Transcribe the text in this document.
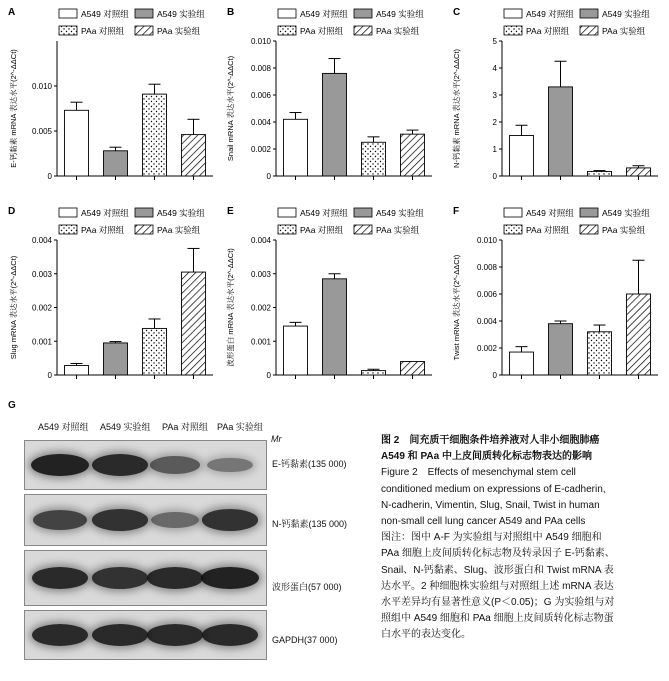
A	A549 对照组	A549 实验组
PAa 对照组	PAa 实验组
0
0.005
0.010
E-钙黏素 mRNA 表达水平(2^-ΔΔCt)
B	A549 对照组	A549 实验组
PAa 对照组	PAa 实验组
0
0.002
0.004
0.006
0.008
0.010
Snail mRNA 表达水平(2^-ΔΔCt)
C	A549 对照组	A549 实验组
PAa 对照组	PAa 实验组
0
1
2
3
4
5
N-钙黏素 mRNA 表达水平(2^-ΔΔCt)
D	A549 对照组	A549 实验组
PAa 对照组	PAa 实验组
0
0.001
0.002
0.003
0.004
Slug mRNA 表达水平(2^-ΔΔCt)
E	A549 对照组	A549 实验组
PAa 对照组	PAa 实验组
0
0.001
0.002
0.003
0.004
波形蛋白 mRNA 表达水平(2^-ΔΔCt)
F	A549 对照组	A549 实验组
PAa 对照组	PAa 实验组
0
0.002
0.004
0.006
0.008
0.010
Twist mRNA 表达水平(2^-ΔΔCt)
G
A549 对照组 A549 实验组 PAa 对照组 PAa 实验组
Mr
E-钙黏素(135 000)
N-钙黏素(135 000)
波形蛋白(57 000)
GAPDH(37 000)
图 2　间充质干细胞条件培养液对人非小细胞肺癌
A549 和 PAa 中上皮间质转化标志物表达的影响
Figure 2　Effects of mesenchymal stem cell
conditioned medium on expressions of E-cadherin,
N-cadherin, Vimentin, Slug, Snail, Twist in human
non-small cell lung cancer A549 and PAa cells
图注：图中 A-F 为实验组与对照组中 A549 细胞和
PAa 细胞上皮间质转化标志物及转录因子 E-钙黏素、
Snail、N-钙黏素、Slug、波形蛋白和 Twist mRNA 表
达水平。2 种细胞株实验组与对照组上述 mRNA 表达
水平差异均有显著性意义(P＜0.05)；G 为实验组与对
照组中 A549 细胞和 PAa 细胞上皮间质转化标志物蛋
白水平的表达变化。
